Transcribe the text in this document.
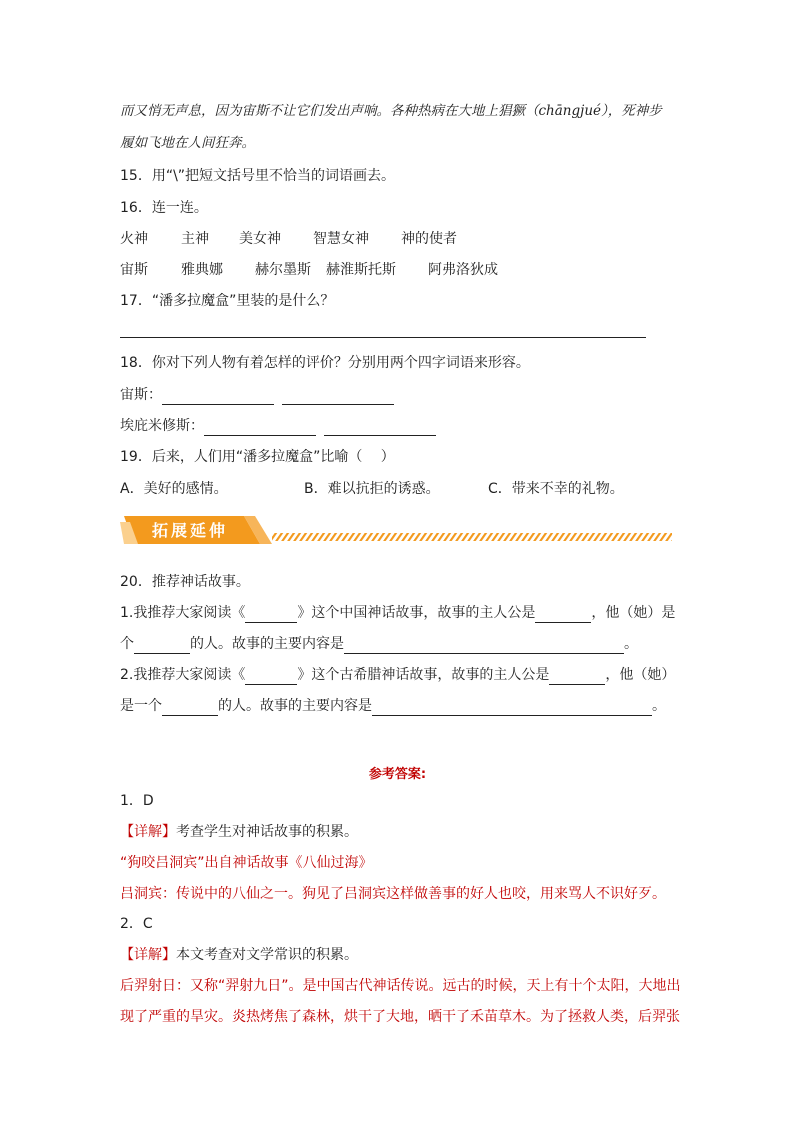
而又悄无声息，因为宙斯不让它们发出声响。各种热病在大地上猖獗（chāngjué），死神步
履如飞地在人间狂奔。
15．用“\”把短文括号里不恰当的词语画去。
16．连一连。
火神 主神 美女神 智慧女神 神的使者
宙斯 雅典娜 赫尔墨斯 赫淮斯托斯 阿弗洛狄成
17．“潘多拉魔盒”里装的是什么？
18．你对下列人物有着怎样的评价？分别用两个四字词语来形容。
宙斯：
埃庇米修斯：
19．后来，人们用“潘多拉魔盒”比喻（　 ）
A．美好的感情。	B．难以抗拒的诱惑。	C．带来不幸的礼物。
拓展延伸
20．推荐神话故事。
1.我推荐大家阅读《	》这个中国神话故事，故事的主人公是	，他（她）是
个	的人。故事的主要内容是	。
2.我推荐大家阅读《	》这个古希腊神话故事，故事的主人公是	，他（她）
是一个	的人。故事的主要内容是	。
参考答案:
1．D
【详解】考查学生对神话故事的积累。
“狗咬吕洞宾”出自神话故事《八仙过海》
吕洞宾：传说中的八仙之一。狗见了吕洞宾这样做善事的好人也咬，用来骂人不识好歹。
2．C
【详解】本文考查对文学常识的积累。
后羿射日：又称“羿射九日”。是中国古代神话传说。远古的时候，天上有十个太阳，大地出
现了严重的旱灾。炎热烤焦了森林，烘干了大地，晒干了禾苗草木。为了拯救人类，后羿张
